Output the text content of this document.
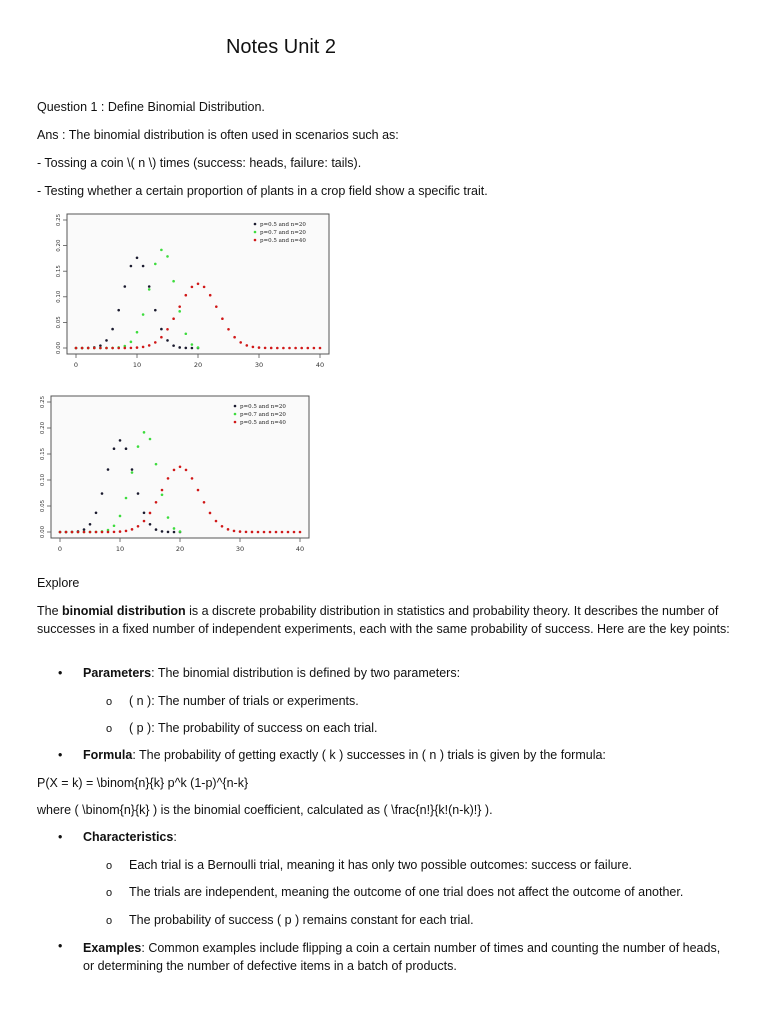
Notes Unit 2
Question 1 : Define Binomial Distribution.
Ans : The binomial distribution is often used in scenarios such as:
- Tossing a coin \( n \) times (success: heads, failure: tails).
- Testing whether a certain proportion of plants in a crop field show a specific trait.
0	10	20	30	40
0.00
0.05
0.10
0.15
0.20
0.25	p=0.5 and n=20
p=0.7 and n=20
p=0.5 and n=40
0	10	20	30	40
0.00
0.05
0.10
0.15
0.20
0.25	p=0.5 and n=20
p=0.7 and n=20
p=0.5 and n=40
Explore
The binomial distribution is a discrete probability distribution in statistics and probability theory. It describes the number of successes in a fixed number of independent experiments, each with the same probability of success. Here are the key points:
• Parameters: The binomial distribution is defined by two parameters:
o ( n ): The number of trials or experiments.
o ( p ): The probability of success on each trial.
• Formula: The probability of getting exactly ( k ) successes in ( n ) trials is given by the formula:
P(X = k) = \binom{n}{k} p^k (1-p)^{n-k}
where ( \binom{n}{k} ) is the binomial coefficient, calculated as ( \frac{n!}{k!(n-k)!} ).
• Characteristics:
o Each trial is a Bernoulli trial, meaning it has only two possible outcomes: success or failure.
o The trials are independent, meaning the outcome of one trial does not affect the outcome of another.
o The probability of success ( p ) remains constant for each trial.
• Examples: Common examples include flipping a coin a certain number of times and counting the number of heads, or determining the number of defective items in a batch of products.
